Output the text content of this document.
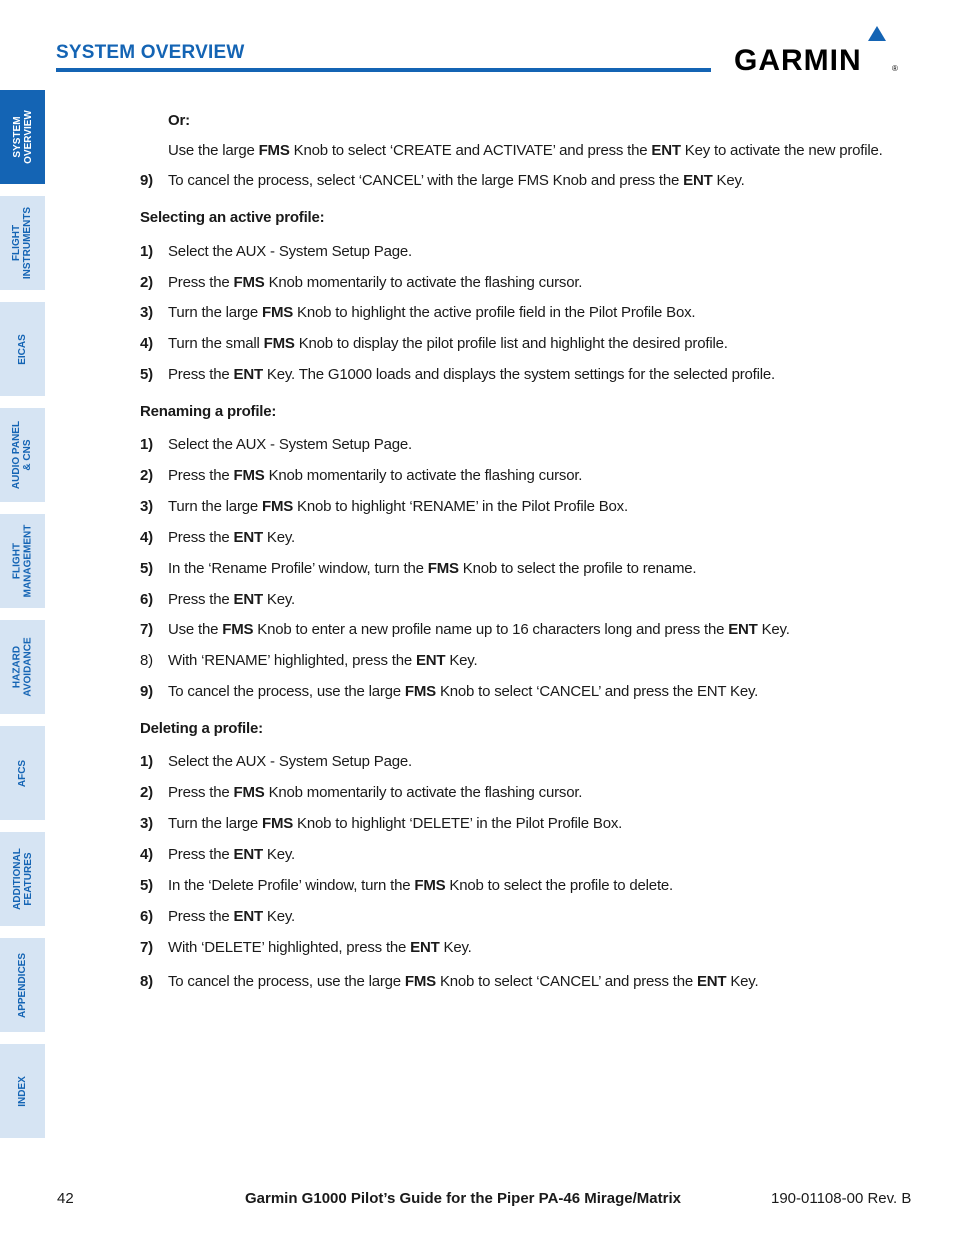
SYSTEM OVERVIEW	GARMIN	®
SYSTEM
OVERVIEW
FLIGHT
INSTRUMENTS
EICAS
AUDIO PANEL
& CNS
FLIGHT
MANAGEMENT
HAZARD
AVOIDANCE
AFCS
ADDITIONAL
FEATURES
APPENDICES
INDEX
Or:
Use the large FMS Knob to select ‘CREATE and ACTIVATE’ and press the ENT Key to activate the new profile.
9)	To cancel the process, select ‘CANCEL’ with the large FMS Knob and press the ENT Key.
Selecting an active profile:
1)	Select the AUX - System Setup Page.
2)	Press the FMS Knob momentarily to activate the flashing cursor.
3)	Turn the large FMS Knob to highlight the active profile field in the Pilot Profile Box.
4)	Turn the small FMS Knob to display the pilot profile list and highlight the desired profile.
5)	Press the ENT Key. The G1000 loads and displays the system settings for the selected profile.
Renaming a profile:
1)	Select the AUX - System Setup Page.
2)	Press the FMS Knob momentarily to activate the flashing cursor.
3)	Turn the large FMS Knob to highlight ‘RENAME’ in the Pilot Profile Box.
4)	Press the ENT Key.
5)	In the ‘Rename Profile’ window, turn the FMS Knob to select the profile to rename.
6)	Press the ENT Key.
7)	Use the FMS Knob to enter a new profile name up to 16 characters long and press the ENT Key.
8)	With ‘RENAME’ highlighted, press the ENT Key.
9)	To cancel the process, use the large FMS Knob to select ‘CANCEL’ and press the ENT Key.
Deleting a profile:
1)	Select the AUX - System Setup Page.
2)	Press the FMS Knob momentarily to activate the flashing cursor.
3)	Turn the large FMS Knob to highlight ‘DELETE’ in the Pilot Profile Box.
4)	Press the ENT Key.
5)	In the ‘Delete Profile’ window, turn the FMS Knob to select the profile to delete.
6)	Press the ENT Key.
7)	With ‘DELETE’ highlighted, press the ENT Key.
8)	To cancel the process, use the large FMS Knob to select ‘CANCEL’ and press the ENT Key.
42	Garmin G1000 Pilot’s Guide for the Piper PA-46 Mirage/Matrix	190-01108-00 Rev. B
